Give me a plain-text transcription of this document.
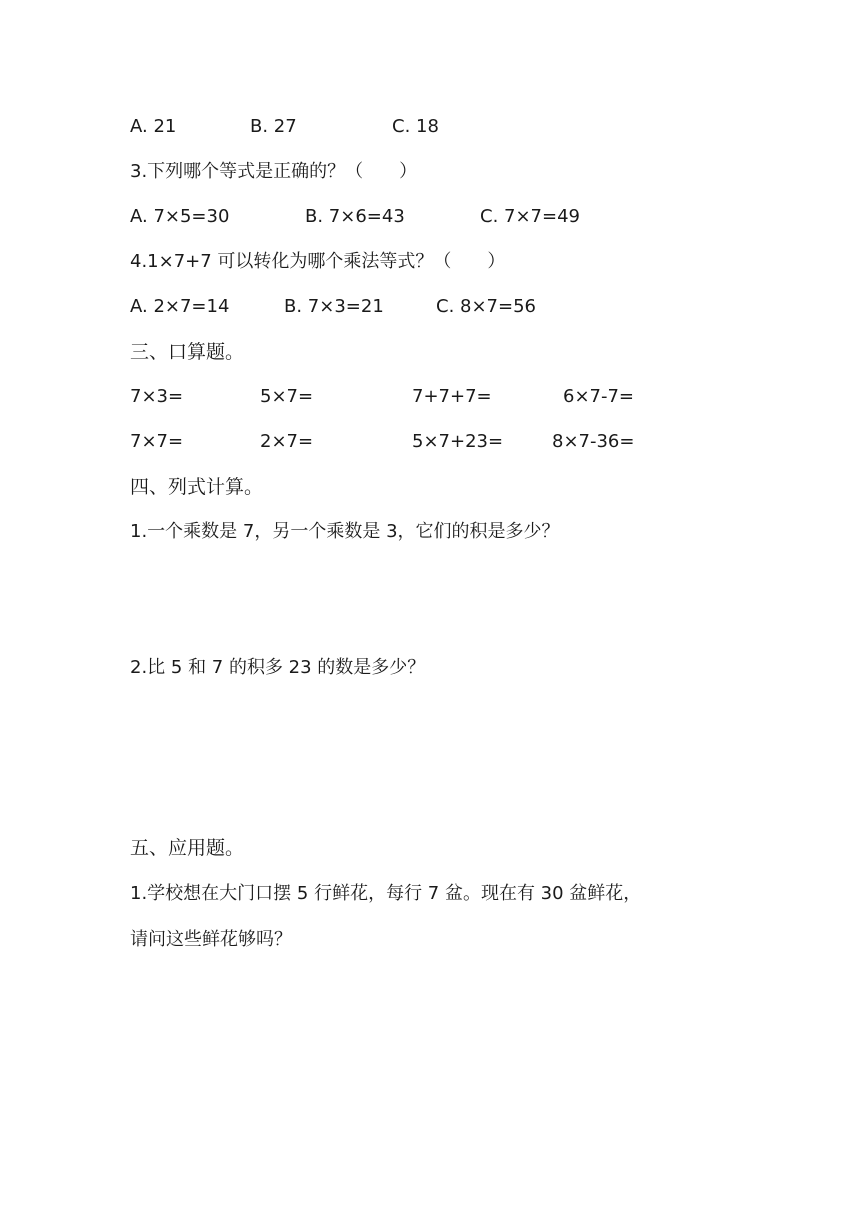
A. 21	B. 27	C. 18
3.下列哪个等式是正确的？（　　）
A. 7×5=30	B. 7×6=43	C. 7×7=49
4.1×7+7 可以转化为哪个乘法等式？（　　）
A. 2×7=14	B. 7×3=21	C. 8×7=56
三、口算题。
7×3=	5×7=	7+7+7=	6×7-7=
7×7=	2×7=	5×7+23=	8×7-36=
四、列式计算。
1.一个乘数是 7，另一个乘数是 3，它们的积是多少？
2.比 5 和 7 的积多 23 的数是多少？
五、应用题。
1.学校想在大门口摆 5 行鲜花，每行 7 盆。现在有 30 盆鲜花，
请问这些鲜花够吗？
